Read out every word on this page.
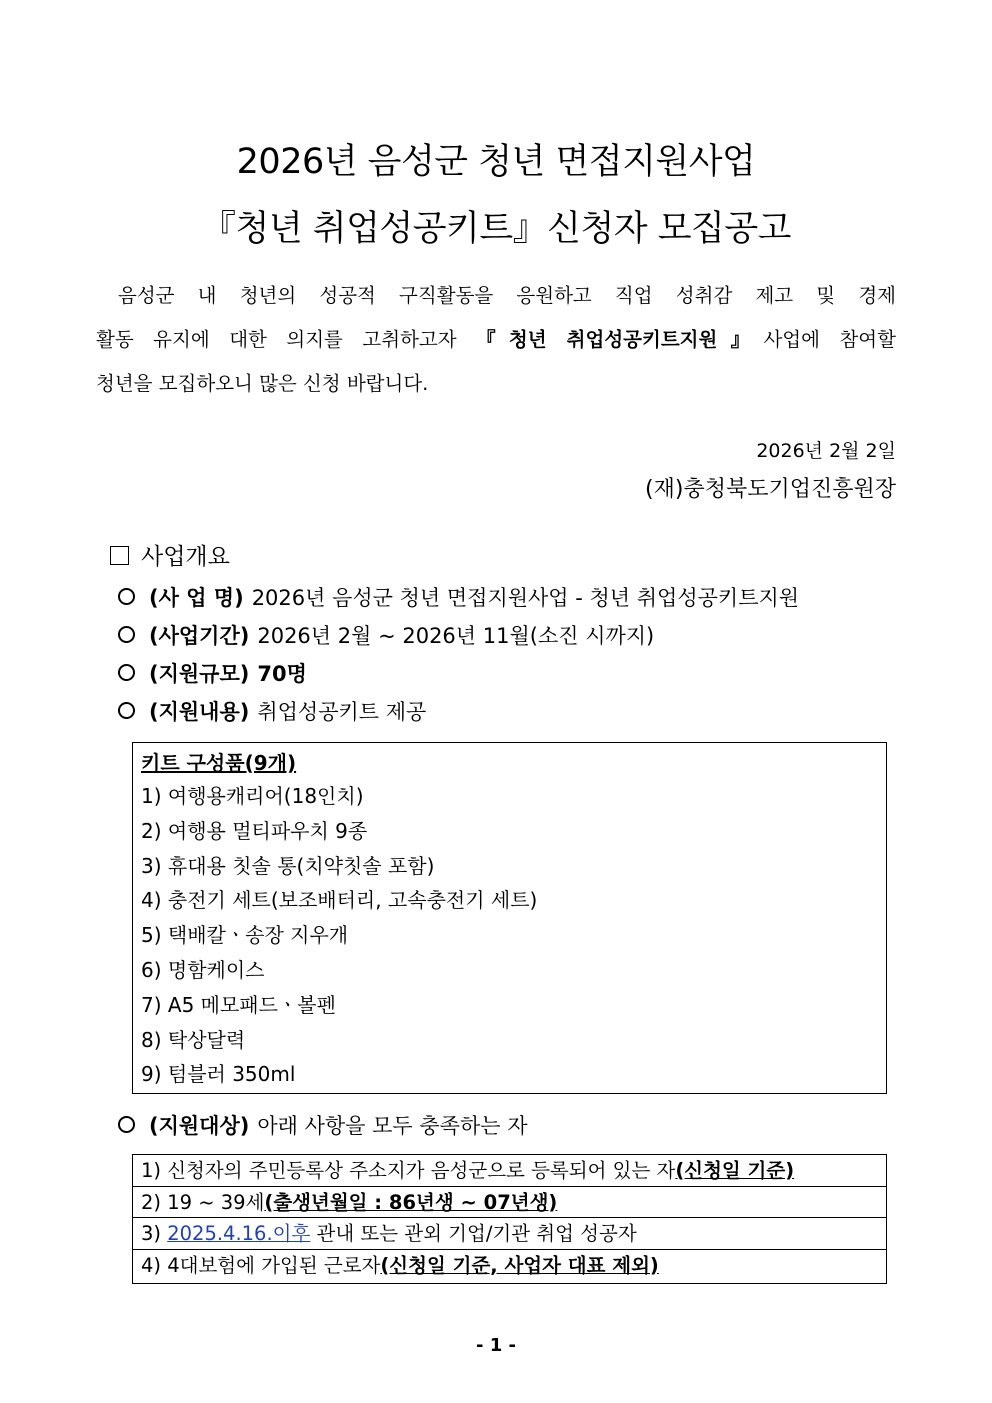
2026년 음성군 청년 면접지원사업
『청년 취업성공키트』신청자 모집공고
음성군 내 청년의 성공적 구직활동을 응원하고 직업 성취감 제고 및 경제
활동 유지에 대한 의지를 고취하고자 『청년 취업성공키트지원』사업에 참여할
청년을 모집하오니 많은 신청 바랍니다.
2026년 2월 2일
(재)충청북도기업진흥원장
사업개요
(사 업 명) 2026년 음성군 청년 면접지원사업 - 청년 취업성공키트지원
(사업기간) 2026년 2월 ~ 2026년 11월(소진 시까지)
(지원규모) 70명
(지원내용) 취업성공키트 제공
키트 구성품(9개)
1) 여행용캐리어(18인치)
2) 여행용 멀티파우치 9종
3) 휴대용 칫솔 통(치약칫솔 포함)
4) 충전기 세트(보조배터리, 고속충전기 세트)
5) 택배칼ㆍ송장 지우개
6) 명함케이스
7) A5 메모패드ㆍ볼펜
8) 탁상달력
9) 텀블러 350ml
(지원대상) 아래 사항을 모두 충족하는 자
1) 신청자의 주민등록상 주소지가 음성군으로 등록되어 있는 자(신청일 기준)
2) 19 ~ 39세(출생년월일 : 86년생 ~ 07년생)
3) 2025.4.16.이후 관내 또는 관외 기업/기관 취업 성공자
4) 4대보험에 가입된 근로자(신청일 기준, 사업자 대표 제외)
- 1 -
